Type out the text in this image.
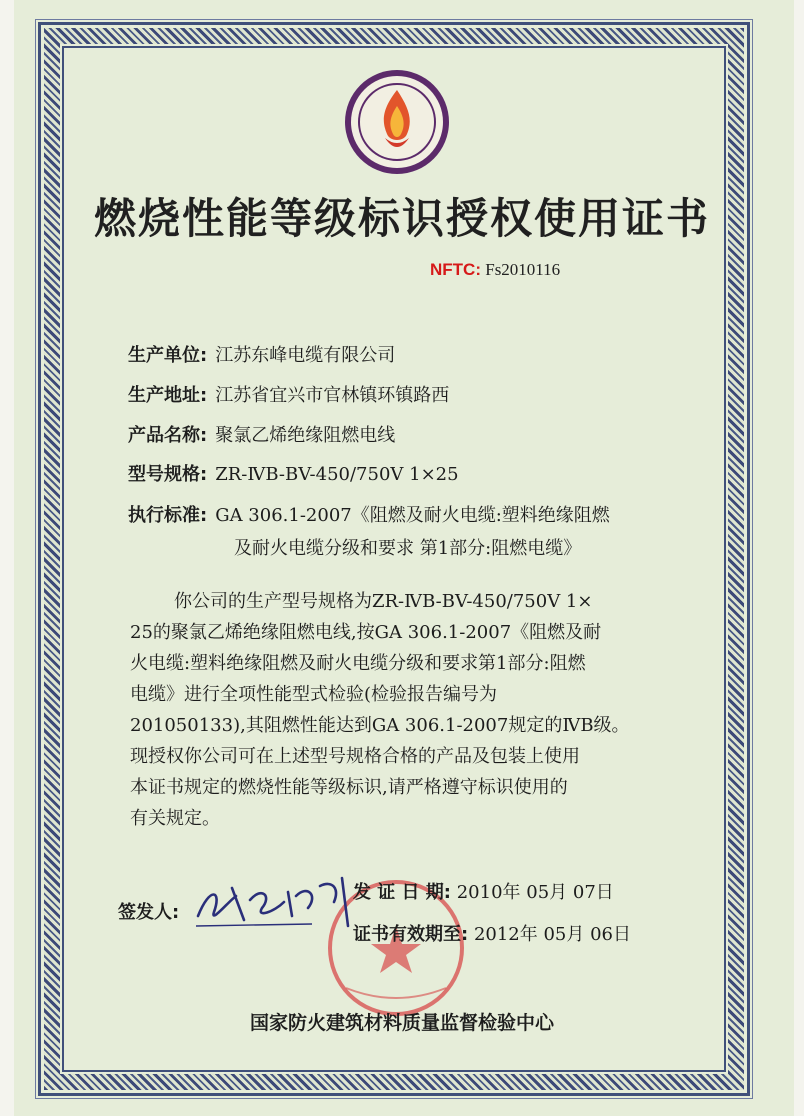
燃烧性能等级标识授权使用证书
NFTC: Fs2010116
生产单位: 江苏东峰电缆有限公司
生产地址: 江苏省宜兴市官林镇环镇路西
产品名称: 聚氯乙烯绝缘阻燃电线
型号规格: ZR-ⅣB-BV-450/750V 1×25
执行标准: GA 306.1-2007《阻燃及耐火电缆:塑料绝缘阻燃
及耐火电缆分级和要求 第1部分:阻燃电缆》

你公司的生产型号规格为ZR-ⅣB-BV-450/750V 1×

25的聚氯乙烯绝缘阻燃电线,按GA 306.1-2007《阻燃及耐

火电缆:塑料绝缘阻燃及耐火电缆分级和要求第1部分:阻燃

电缆》进行全项性能型式检验(检验报告编号为

201050133),其阻燃性能达到GA 306.1-2007规定的ⅣB级。

现授权你公司可在上述型号规格合格的产品及包装上使用

本证书规定的燃烧性能等级标识,请严格遵守标识使用的

有关规定。

签发人:
发 证 日 期: 2010年 05月 07日
证书有效期至: 2012年 05月 06日
国家防火建筑材料质量监督检验中心
